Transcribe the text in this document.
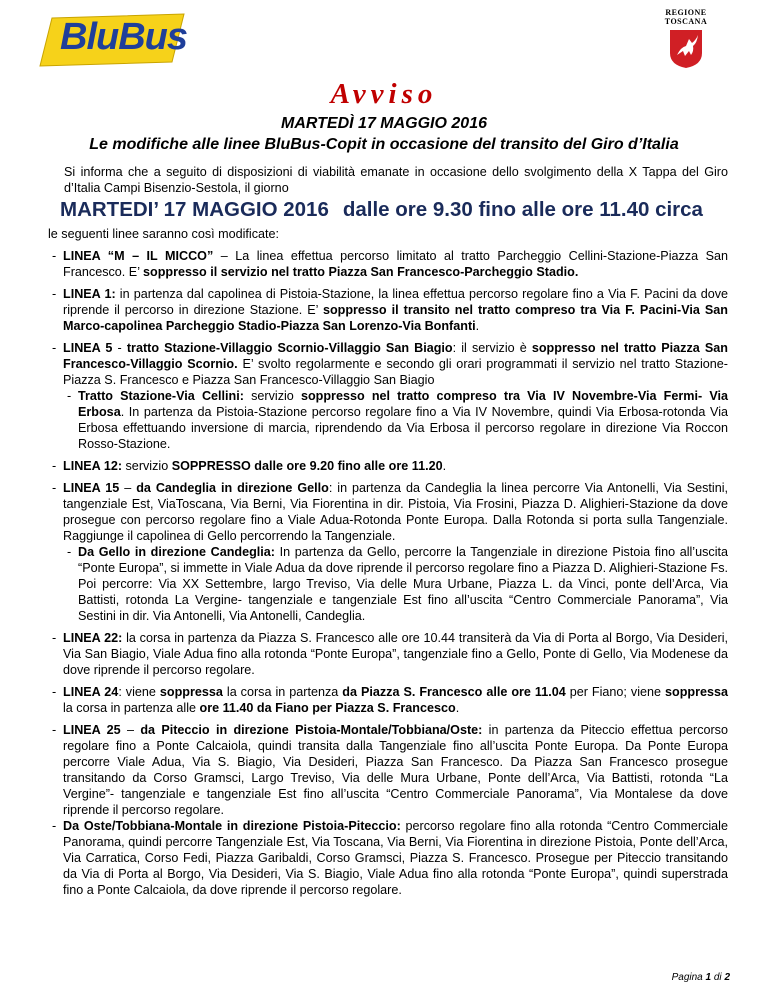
BluBus
REGIONE
TOSCANA
Avviso
MARTEDÌ 17 MAGGIO 2016
Le modifiche alle linee BluBus-Copit in occasione del transito del Giro d’Italia
Si informa che a seguito di disposizioni di viabilità emanate in occasione dello svolgimento della X Tappa del Giro d’Italia Campi Bisenzio-Sestola, il giorno
MARTEDI’ 17 MAGGIO 2016 dalle ore 9.30 fino alle ore 11.40 circa
le seguenti linee saranno così modificate:
- LINEA “M – IL MICCO” – La linea effettua percorso limitato al tratto Parcheggio Cellini-Stazione-Piazza San Francesco. E’ soppresso il servizio nel tratto Piazza San Francesco-Parcheggio Stadio.
- LINEA 1: in partenza dal capolinea di Pistoia-Stazione, la linea effettua percorso regolare fino a Via F. Pacini da dove riprende il percorso in direzione Stazione. E’ soppresso il transito nel tratto compreso tra Via F. Pacini-Via San Marco-capolinea Parcheggio Stadio-Piazza San Lorenzo-Via Bonfanti.
- LINEA 5 - tratto Stazione-Villaggio Scornio-Villaggio San Biagio: il servizio è soppresso nel tratto Piazza San Francesco-Villaggio Scornio. E’ svolto regolarmente e secondo gli orari programmati il servizio nel tratto Stazione-Piazza S. Francesco e Piazza San Francesco-Villaggio San Biagio
- Tratto Stazione-Via Cellini: servizio soppresso nel tratto compreso tra Via IV Novembre-Via Fermi- Via Erbosa. In partenza da Pistoia-Stazione percorso regolare fino a Via IV Novembre, quindi Via Erbosa-rotonda Via Erbosa effettuando inversione di marcia, riprendendo da Via Erbosa il percorso regolare in direzione Via Roccon Rosso-Stazione.
- LINEA 12: servizio SOPPRESSO dalle ore 9.20 fino alle ore 11.20.
- LINEA 15 – da Candeglia in direzione Gello: in partenza da Candeglia la linea percorre Via Antonelli, Via Sestini, tangenziale Est, ViaToscana, Via Berni, Via Fiorentina in dir. Pistoia, Via Frosini, Piazza D. Alighieri-Stazione da dove prosegue con percorso regolare fino a Viale Adua-Rotonda Ponte Europa. Dalla Rotonda si porta sulla Tangenziale. Raggiunge il capolinea di Gello percorrendo la Tangenziale.
- Da Gello in direzione Candeglia: In partenza da Gello, percorre la Tangenziale in direzione Pistoia fino all’uscita “Ponte Europa”, si immette in Viale Adua da dove riprende il percorso regolare fino a Piazza D. Alighieri-Stazione Fs. Poi percorre: Via XX Settembre, largo Treviso, Via delle Mura Urbane, Piazza L. da Vinci, ponte dell’Arca, Via Battisti, rotonda La Vergine- tangenziale e tangenziale Est fino all’uscita “Centro Commerciale Panorama”, Via Sestini in dir. Via Antonelli, Via Antonelli, Candeglia.
- LINEA 22: la corsa in partenza da Piazza S. Francesco alle ore 10.44 transiterà da Via di Porta al Borgo, Via Desideri, Via San Biagio, Viale Adua fino alla rotonda “Ponte Europa”, tangenziale fino a Gello, Ponte di Gello, Via Modenese da dove riprende il percorso regolare.
- LINEA 24: viene soppressa la corsa in partenza da Piazza S. Francesco alle ore 11.04 per Fiano; viene soppressa la corsa in partenza alle ore 11.40 da Fiano per Piazza S. Francesco.
- LINEA 25 – da Piteccio in direzione Pistoia-Montale/Tobbiana/Oste: in partenza da Piteccio effettua percorso regolare fino a Ponte Calcaiola, quindi transita dalla Tangenziale fino all’uscita Ponte Europa. Da Ponte Europa percorre Viale Adua, Via S. Biagio, Via Desideri, Piazza San Francesco. Da Piazza San Francesco prosegue transitando da Corso Gramsci, Largo Treviso, Via delle Mura Urbane, Ponte dell’Arca, Via Battisti, rotonda “La Vergine”- tangenziale e tangenziale Est fino all’uscita “Centro Commerciale Panorama”, Via Montalese da dove riprende il percorso regolare.
- Da Oste/Tobbiana-Montale in direzione Pistoia-Piteccio: percorso regolare fino alla rotonda “Centro Commerciale Panorama, quindi percorre Tangenziale Est, Via Toscana, Via Berni, Via Fiorentina in direzione Pistoia, Ponte dell’Arca, Via Carratica, Corso Fedi, Piazza Garibaldi, Corso Gramsci, Piazza S. Francesco. Prosegue per Piteccio transitando da Via di Porta al Borgo, Via Desideri, Via S. Biagio, Viale Adua fino alla rotonda “Ponte Europa”, quindi superstrada fino a Ponte Calcaiola, da dove riprende il percorso regolare.
Pagina 1 di 2
